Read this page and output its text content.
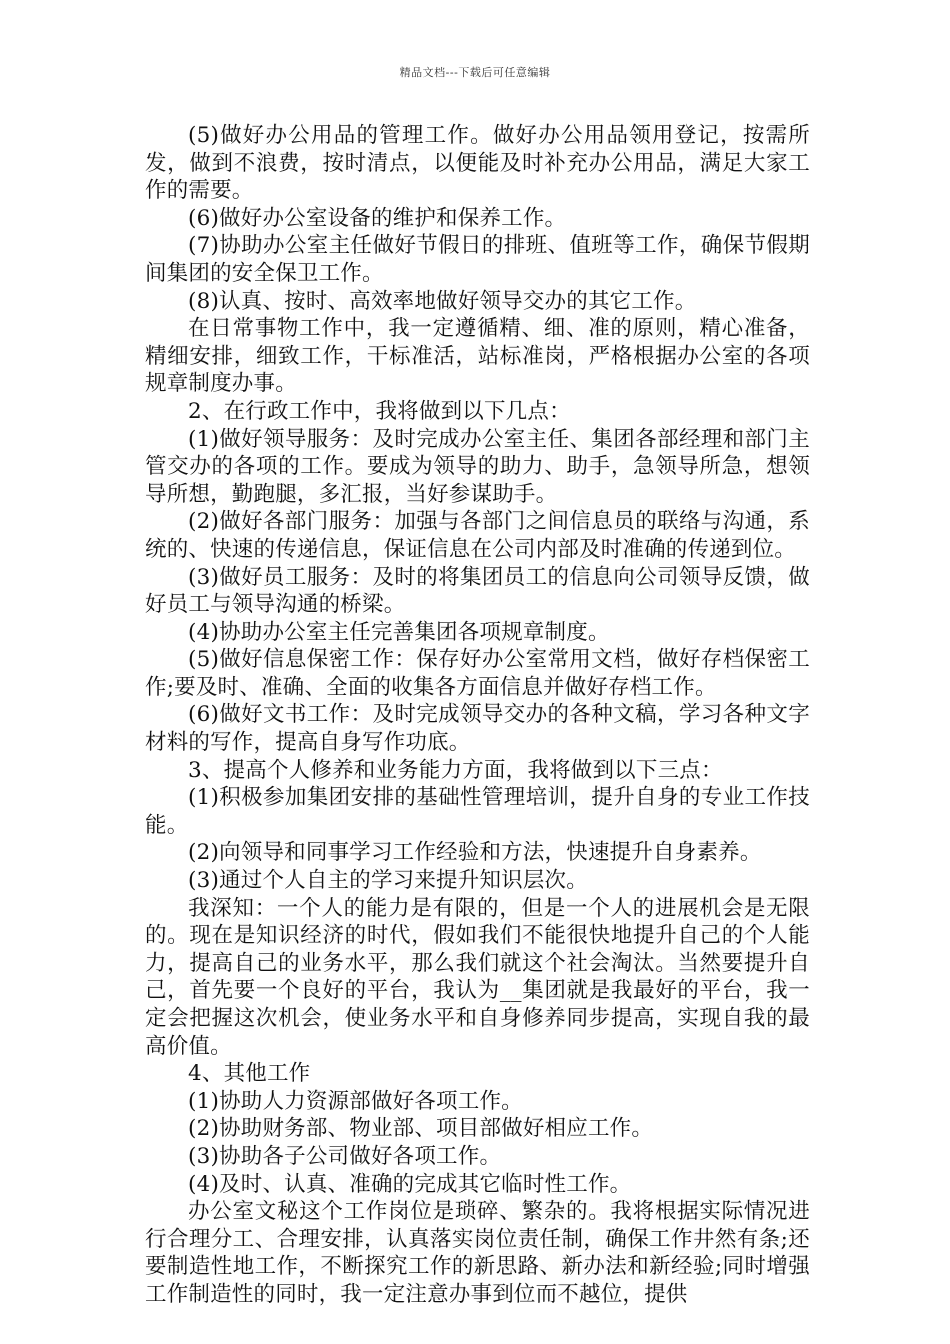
精品文档---下载后可任意编辑

(5)做好办公用品的管理工作。做好办公用品领用登记，按需所发，做到不浪费，按时清点，以便能及时补充办公用品，满足大家工作的需要。

(6)做好办公室设备的维护和保养工作。

(7)协助办公室主任做好节假日的排班、值班等工作，确保节假期间集团的安全保卫工作。

(8)认真、按时、高效率地做好领导交办的其它工作。

在日常事物工作中，我一定遵循精、细、准的原则，精心准备，精细安排，细致工作，干标准活，站标准岗，严格根据办公室的各项规章制度办事。

2、在行政工作中，我将做到以下几点：

(1)做好领导服务：及时完成办公室主任、集团各部经理和部门主管交办的各项的工作。要成为领导的助力、助手，急领导所急，想领导所想，勤跑腿，多汇报，当好参谋助手。

(2)做好各部门服务：加强与各部门之间信息员的联络与沟通，系统的、快速的传递信息，保证信息在公司内部及时准确的传递到位。

(3)做好员工服务：及时的将集团员工的信息向公司领导反馈，做好员工与领导沟通的桥梁。

(4)协助办公室主任完善集团各项规章制度。

(5)做好信息保密工作：保存好办公室常用文档，做好存档保密工作;要及时、准确、全面的收集各方面信息并做好存档工作。

(6)做好文书工作：及时完成领导交办的各种文稿，学习各种文字材料的写作，提高自身写作功底。

3、提高个人修养和业务能力方面，我将做到以下三点：

(1)积极参加集团安排的基础性管理培训，提升自身的专业工作技能。

(2)向领导和同事学习工作经验和方法，快速提升自身素养。

(3)通过个人自主的学习来提升知识层次。

我深知：一个人的能力是有限的，但是一个人的进展机会是无限的。现在是知识经济的时代，假如我们不能很快地提升自己的个人能力，提高自己的业务水平，那么我们就这个社会淘汰。当然要提升自己，首先要一个良好的平台，我认为__集团就是我最好的平台，我一定会把握这次机会，使业务水平和自身修养同步提高，实现自我的最高价值。

4、其他工作

(1)协助人力资源部做好各项工作。

(2)协助财务部、物业部、项目部做好相应工作。

(3)协助各子公司做好各项工作。

(4)及时、认真、准确的完成其它临时性工作。

办公室文秘这个工作岗位是琐碎、繁杂的。我将根据实际情况进行合理分工、合理安排，认真落实岗位责任制，确保工作井然有条;还要制造性地工作，不断探究工作的新思路、新办法和新经验;同时增强工作制造性的同时，我一定注意办事到位而不越位，提供
